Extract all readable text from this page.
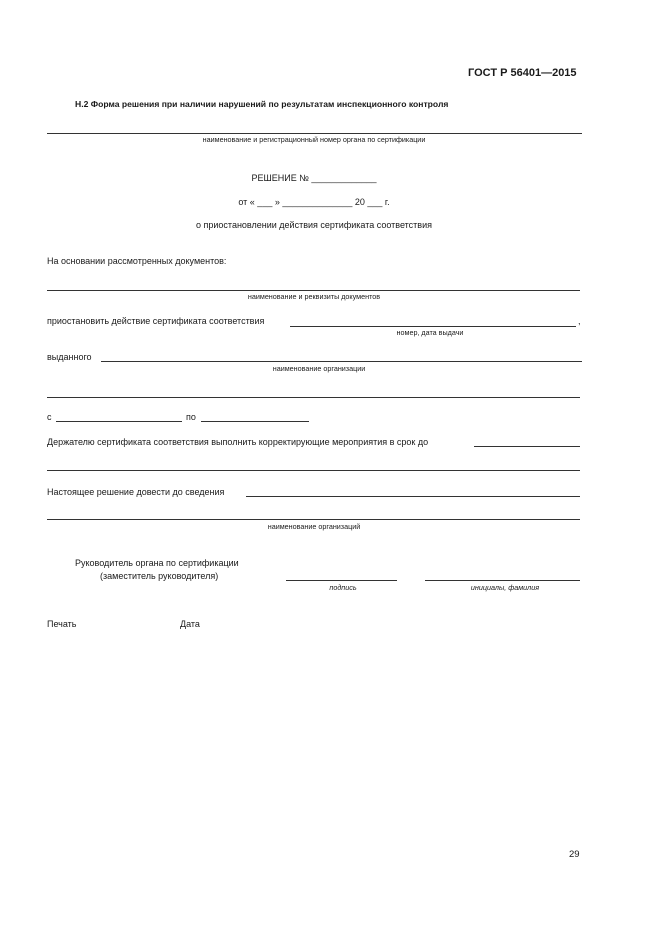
ГОСТ Р 56401—2015
Н.2 Форма решения при наличии нарушений по результатам инспекционного контроля
наименование и регистрационный номер органа по сертификации
РЕШЕНИЕ № _____________
от « ___ » ______________ 20 ___ г.
о приостановлении действия сертификата соответствия
На основании рассмотренных документов:
наименование и реквизиты документов
приостановить действие сертификата соответствия	,
номер, дата выдачи
выданного
наименование организации
с	по
Держателю сертификата соответствия выполнить корректирующие мероприятия в срок до
Настоящее решение довести до сведения
наименование организаций
Руководитель органа по сертификации
(заместитель руководителя)
подпись	инициалы, фамилия
Печать	Дата
29
